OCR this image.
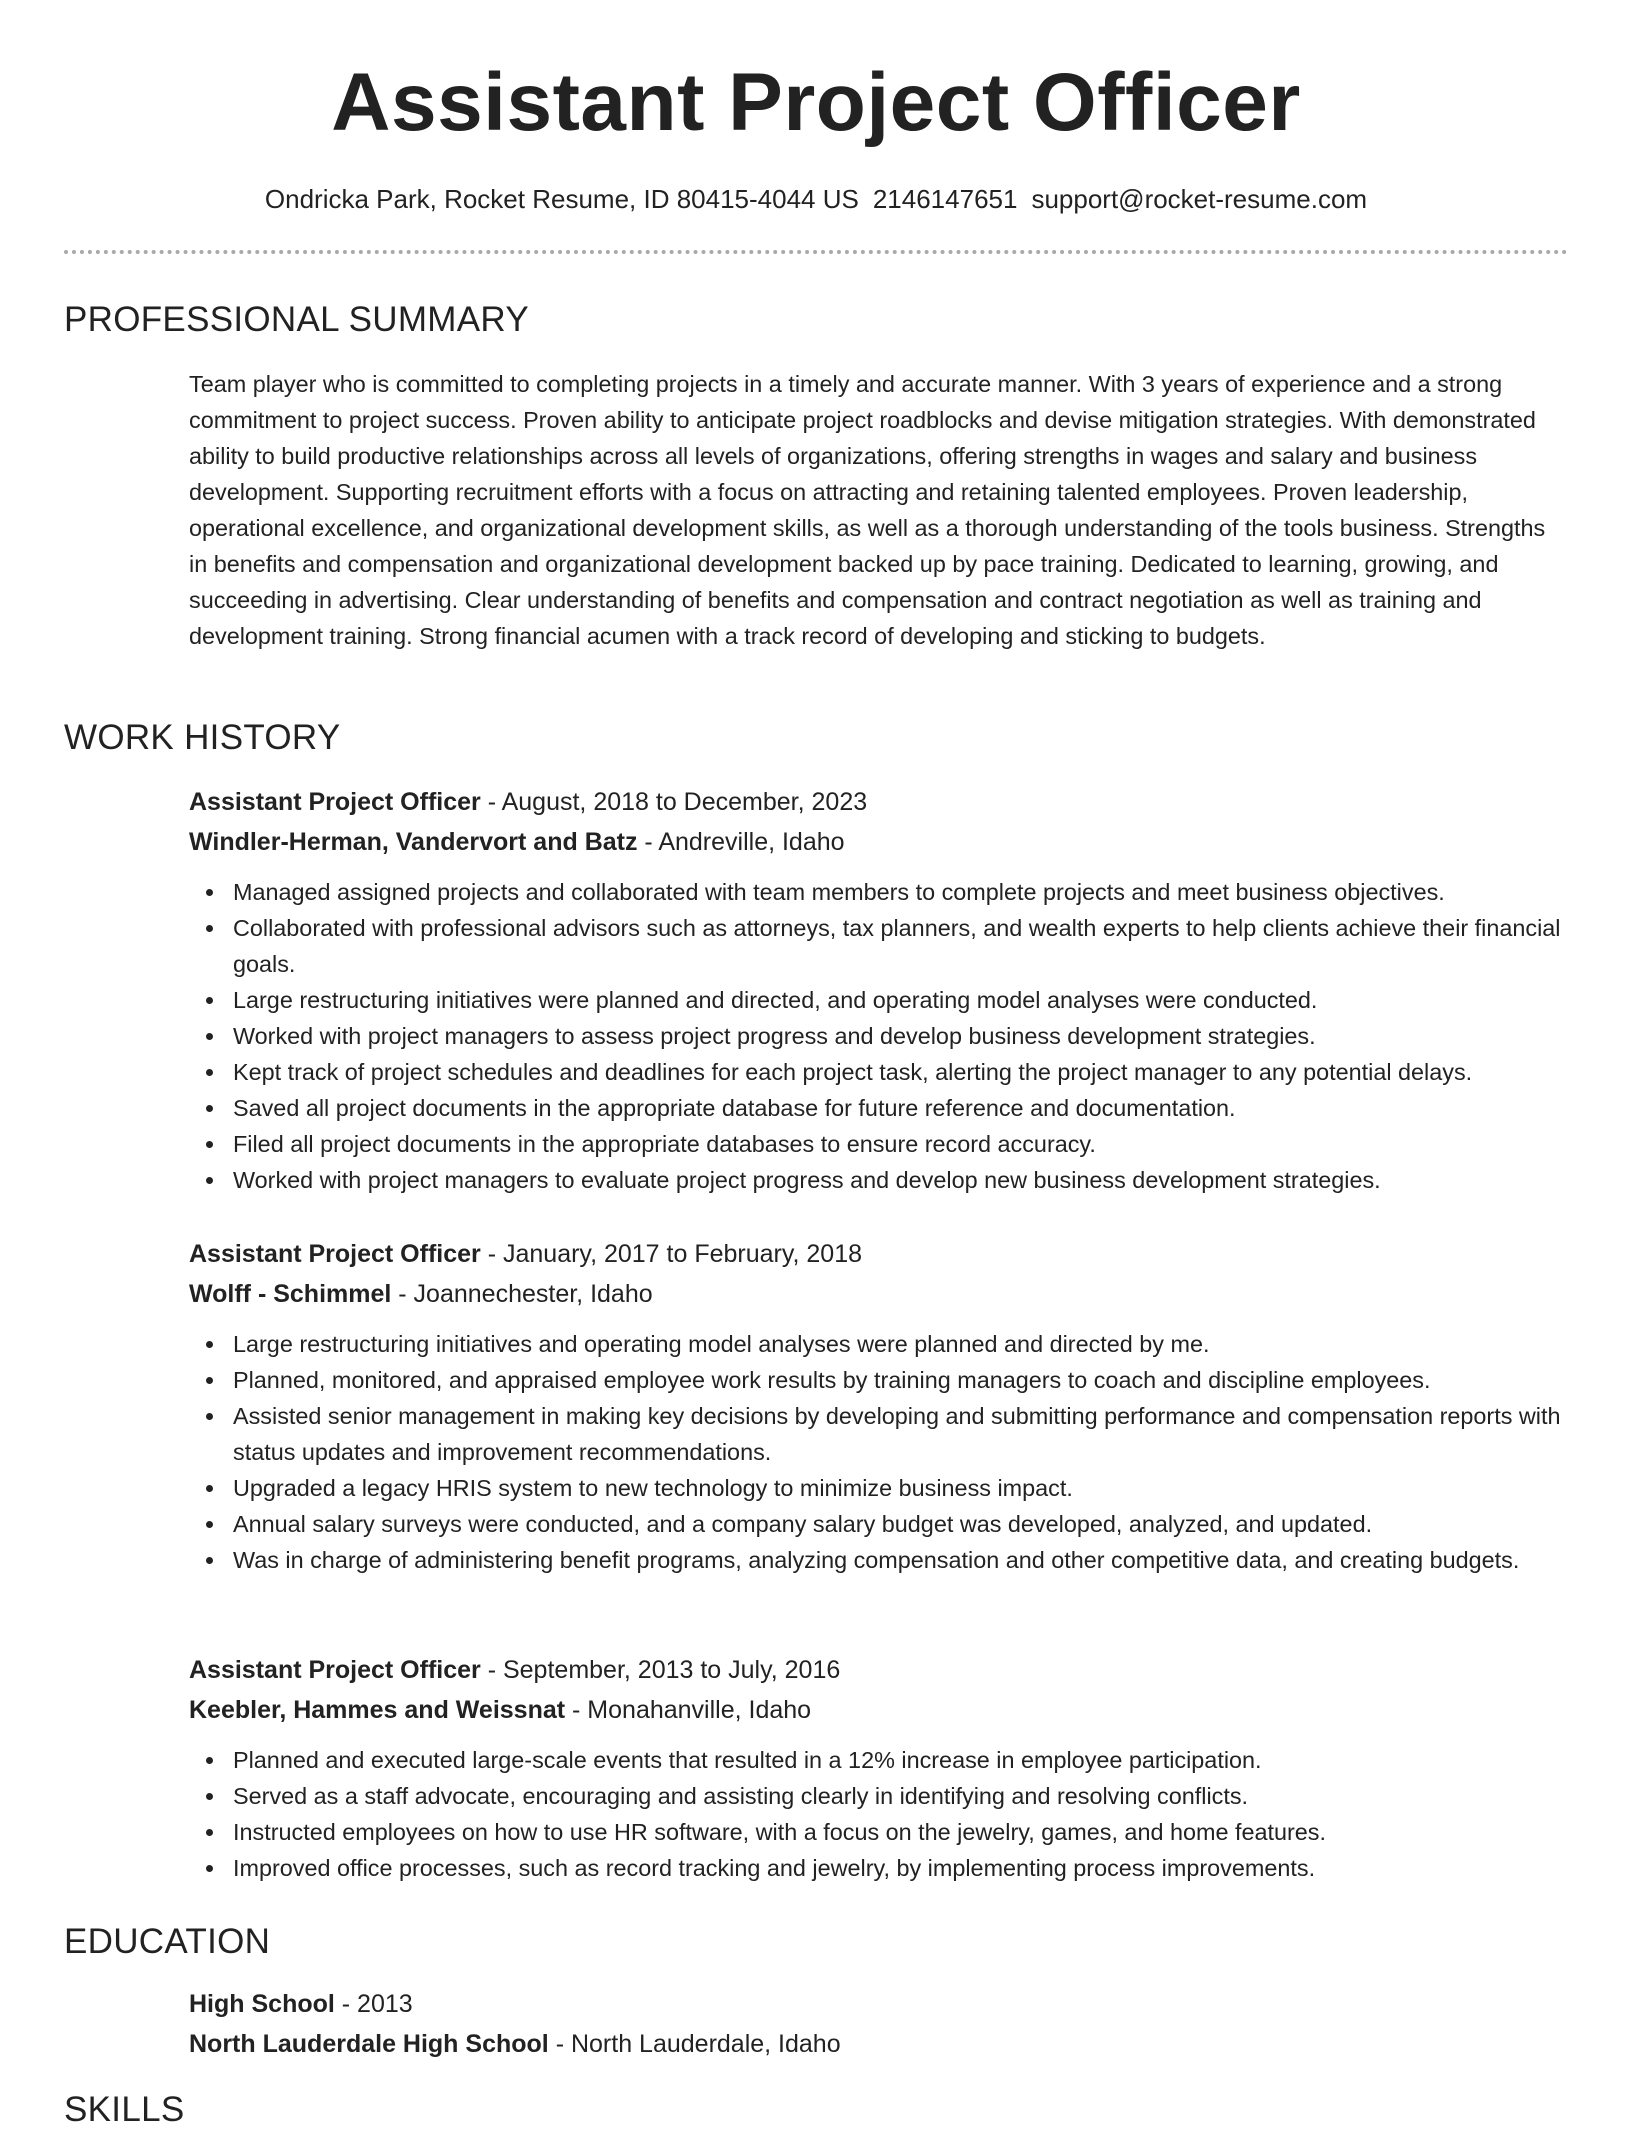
Assistant Project Officer
Ondricka Park, Rocket Resume, ID 80415-4044 US 2146147651 support@rocket-resume.com
PROFESSIONAL SUMMARY
Team player who is committed to completing projects in a timely and accurate manner. With 3 years of experience and a strong commitment to project success. Proven ability to anticipate project roadblocks and devise mitigation strategies. With demonstrated ability to build productive relationships across all levels of organizations, offering strengths in wages and salary and business development. Supporting recruitment efforts with a focus on attracting and retaining talented employees. Proven leadership, operational excellence, and organizational development skills, as well as a thorough understanding of the tools business. Strengths in benefits and compensation and organizational development backed up by pace training. Dedicated to learning, growing, and succeeding in advertising. Clear understanding of benefits and compensation and contract negotiation as well as training and development training. Strong financial acumen with a track record of developing and sticking to budgets.
WORK HISTORY
Assistant Project Officer - August, 2018 to December, 2023
Windler-Herman, Vandervort and Batz - Andreville, Idaho
Managed assigned projects and collaborated with team members to complete projects and meet business objectives.
Collaborated with professional advisors such as attorneys, tax planners, and wealth experts to help clients achieve their financial goals.
Large restructuring initiatives were planned and directed, and operating model analyses were conducted.
Worked with project managers to assess project progress and develop business development strategies.
Kept track of project schedules and deadlines for each project task, alerting the project manager to any potential delays.
Saved all project documents in the appropriate database for future reference and documentation.
Filed all project documents in the appropriate databases to ensure record accuracy.
Worked with project managers to evaluate project progress and develop new business development strategies.
Assistant Project Officer - January, 2017 to February, 2018
Wolff - Schimmel - Joannechester, Idaho
Large restructuring initiatives and operating model analyses were planned and directed by me.
Planned, monitored, and appraised employee work results by training managers to coach and discipline employees.
Assisted senior management in making key decisions by developing and submitting performance and compensation reports with status updates and improvement recommendations.
Upgraded a legacy HRIS system to new technology to minimize business impact.
Annual salary surveys were conducted, and a company salary budget was developed, analyzed, and updated.
Was in charge of administering benefit programs, analyzing compensation and other competitive data, and creating budgets.
Assistant Project Officer - September, 2013 to July, 2016
Keebler, Hammes and Weissnat - Monahanville, Idaho
Planned and executed large-scale events that resulted in a 12% increase in employee participation.
Served as a staff advocate, encouraging and assisting clearly in identifying and resolving conflicts.
Instructed employees on how to use HR software, with a focus on the jewelry, games, and home features.
Improved office processes, such as record tracking and jewelry, by implementing process improvements.
EDUCATION
High School - 2013
North Lauderdale High School - North Lauderdale, Idaho
SKILLS
